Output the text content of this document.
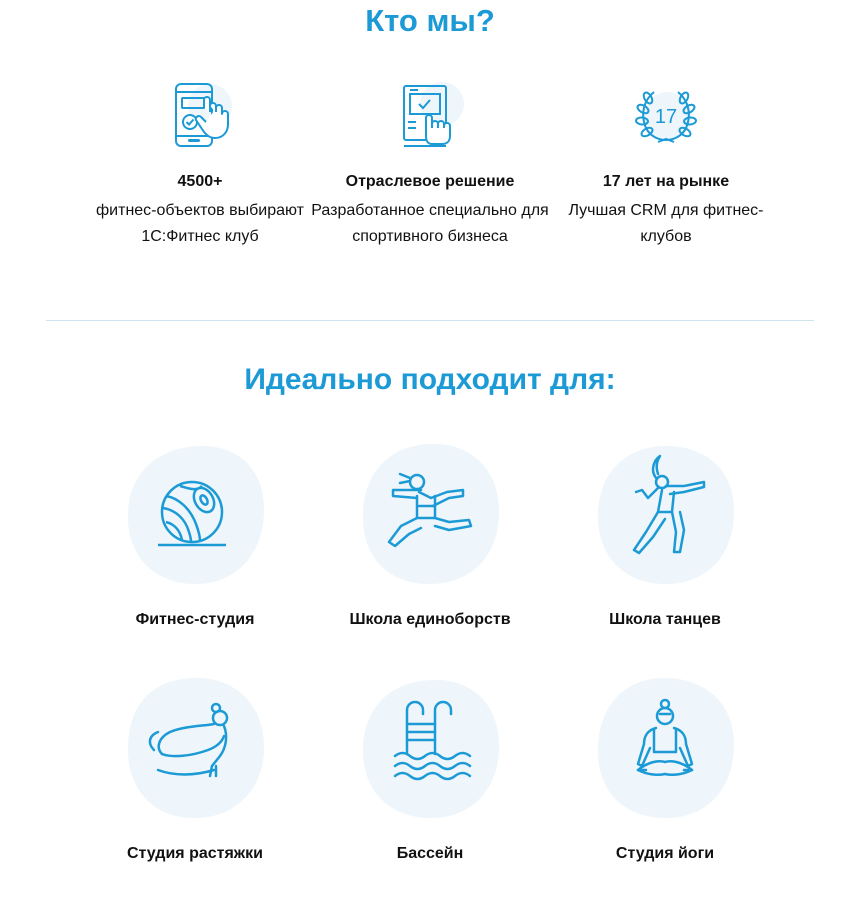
Кто мы?
4500+
фитнес-объектов выбирают 1С:Фитнес клуб
Отраслевое решение
Разработанное специально для спортивного бизнеса
17
17 лет на рынке
Лучшая CRM для фитнес-клубов
Идеально подходит для:
Фитнес-студия	Школа единоборств	Школа танцев
Студия растяжки	Бассейн	Студия йоги
